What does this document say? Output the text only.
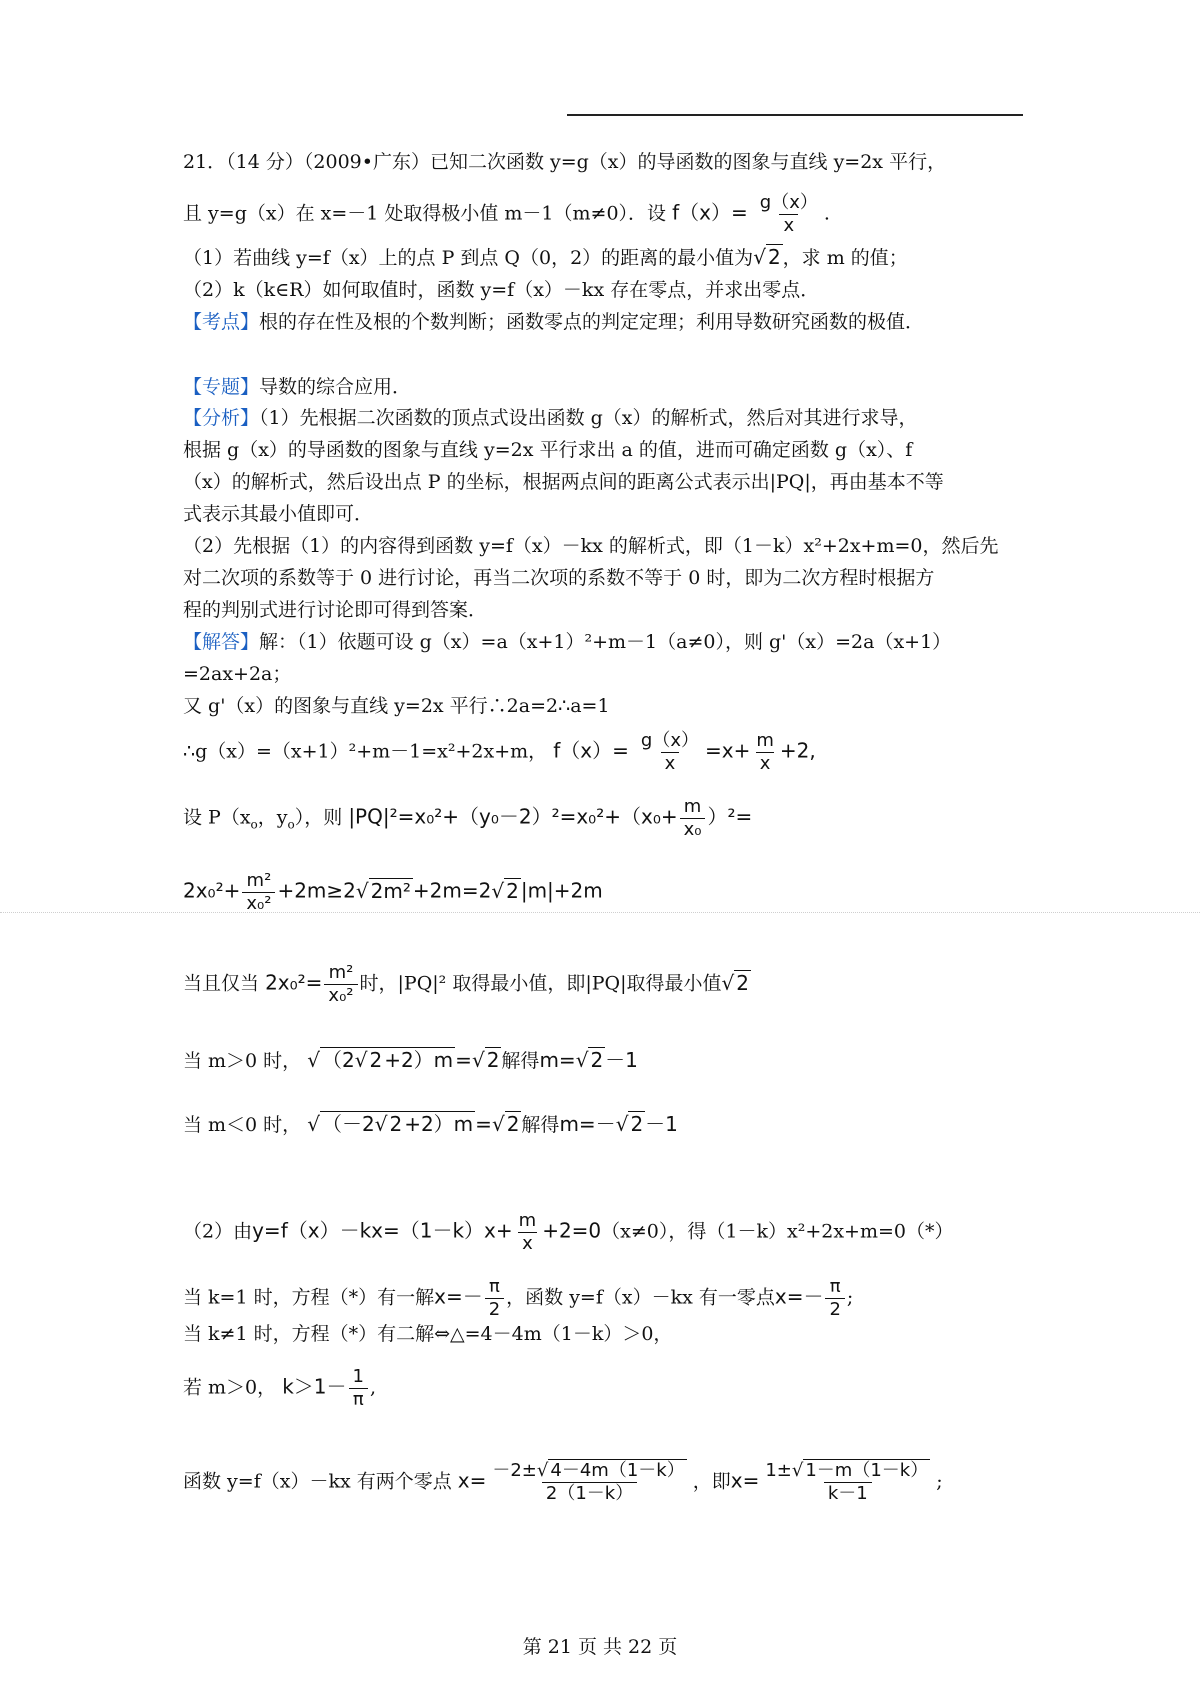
21．（14 分）（2009•广东）已知二次函数 y=g（x）的导函数的图象与直线 y=2x 平行，
且 y=g（x）在 x=－1 处取得极小值 m－1（m≠0）．设 $f(x)= \frac{g(x)}{x}$ .
（1）若曲线 y=f（x）上的点 P 到点 Q（0，2）的距离的最小值为√ 2 ，求 m 的值；
（2）k（k∈R）如何取值时，函数 y=f（x）－kx 存在零点，并求出零点．
【考点】根的存在性及根的个数判断；函数零点的判定定理；利用导数研究函数的极值．
【专题】导数的综合应用．
【分析】（1）先根据二次函数的顶点式设出函数 g（x）的解析式，然后对其进行求导，
根据 g（x）的导函数的图象与直线 y=2x 平行求出 a 的值，进而可确定函数 g（x）、f
（x）的解析式，然后设出点 P 的坐标，根据两点间的距离公式表示出|PQ|，再由基本不等
式表示其最小值即可．
（2）先根据（1）的内容得到函数 y=f（x）－kx 的解析式，即（1－k）x²+2x+m=0，然后先
对二次项的系数等于 0 进行讨论，再当二次项的系数不等于 0 时，即为二次方程时根据方
程的判别式进行讨论即可得到答案．
【解答】解：（1）依题可设 g（x）=a（x+1）²+m－1（a≠0），则 g'（x）=2a（x+1）
=2ax+2a；
又 g'（x）的图象与直线 y=2x 平行∴2a=2∴a=1
∴g（x）=（x+1）²+m－1=x²+2x+m， $f(x)= \frac{g(x)}{x} =x+ \frac{m}{x} +2$,
设 $P(x_o$，$y_o$），则 $|PQ|^2=x_0^2+(y_0-2)^2=x_0^2+(x_0+ \frac{m}{\text{x₀}} )^2=$
$2x_0^2+ \frac{\text{m²}}{\text{x₀²}} +2m\ge 2√$ 2m² +2m=2√ 2 |m|+2m
当且仅当 $2x_0^2= \frac{\text{m²}}{\text{x₀²}}$ 时，|PQ|² 取得最小值，即|PQ|取得最小值√ 2
当 m＞0 时， √ （2√ 2 +2）m =√ 2 解得m=√ 2 －1
当 m＜0 时， √ （－2√ 2 +2）m =√ 2 解得m=－√ 2 －1
（2）由$y=f(x)-kx=(1-k)x+ \frac{m}{x} +2=0(x\ne 0)$，得（1－k）x²+2x+m=0（*）
当 k=1 时，方程（*）有一解$x=- \frac{\pi}{2}$ ，函数 y=f（x）－kx 有一零点$x=- \frac{\pi}{2}$ ;
当 k≠1 时，方程（*）有二解⇔△=4－4m（1－k）＞0，
若 m＞0， $k>1- \frac{1}{\pi}$ ,
函数 y=f（x）－kx 有两个零点 $x= \frac{-2\pm√ 4-4m(1-k)}{2(1-k)}$ ，即$x= \frac{1\pm√ 1-m(1-k)}{k-1}$ ;
第 21 页 共 22 页
